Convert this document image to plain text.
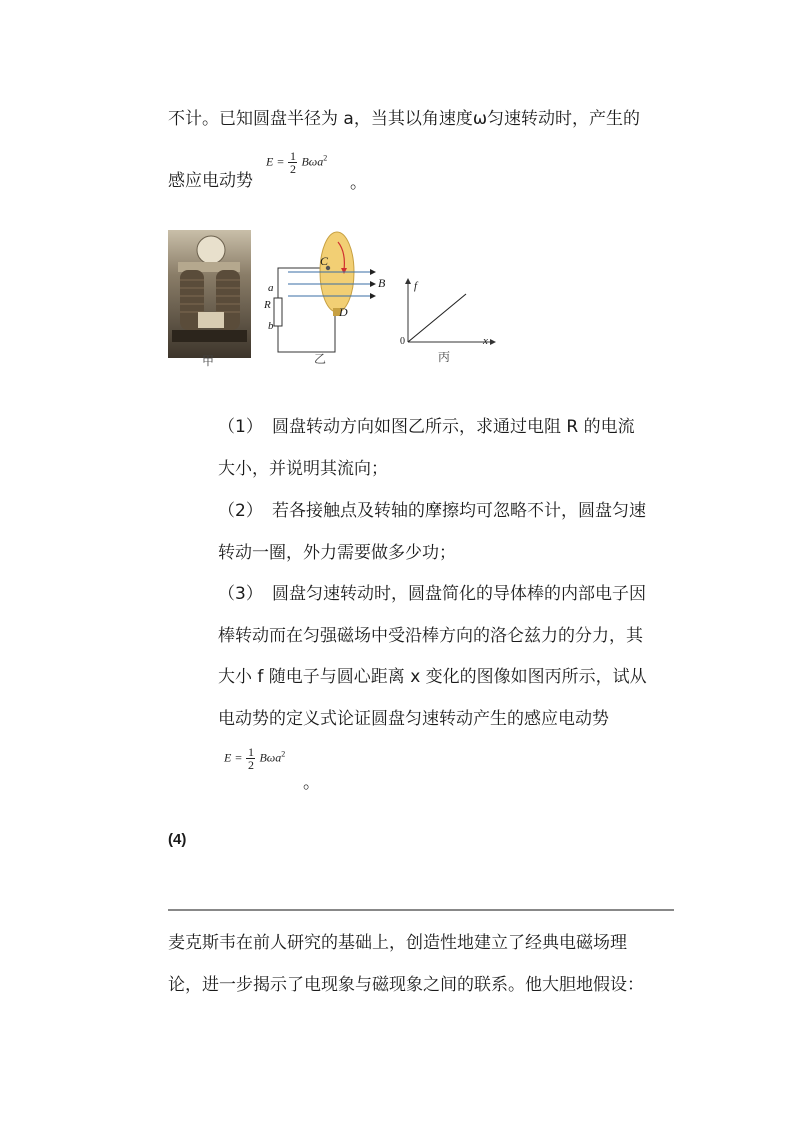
不计。已知圆盘半径为 a，当其以角速度ω匀速转动时，产生的
感应电动势
$E = \frac{1}{2} B\omega a^2$
。
甲
C
D
B
a
R
b
乙
f
x
0
丙
（1） 圆盘转动方向如图乙所示，求通过电阻 R 的电流
大小，并说明其流向；
（2） 若各接触点及转轴的摩擦均可忽略不计，圆盘匀速
转动一圈，外力需要做多少功；
（3） 圆盘匀速转动时，圆盘简化的导体棒的内部电子因
棒转动而在匀强磁场中受沿棒方向的洛仑兹力的分力，其
大小 f 随电子与圆心距离 x 变化的图像如图丙所示，试从
电动势的定义式论证圆盘匀速转动产生的感应电动势
$E = \frac{1}{2} B\omega a^2$
。
(4)
麦克斯韦在前人研究的基础上，创造性地建立了经典电磁场理
论，进一步揭示了电现象与磁现象之间的联系。他大胆地假设：
